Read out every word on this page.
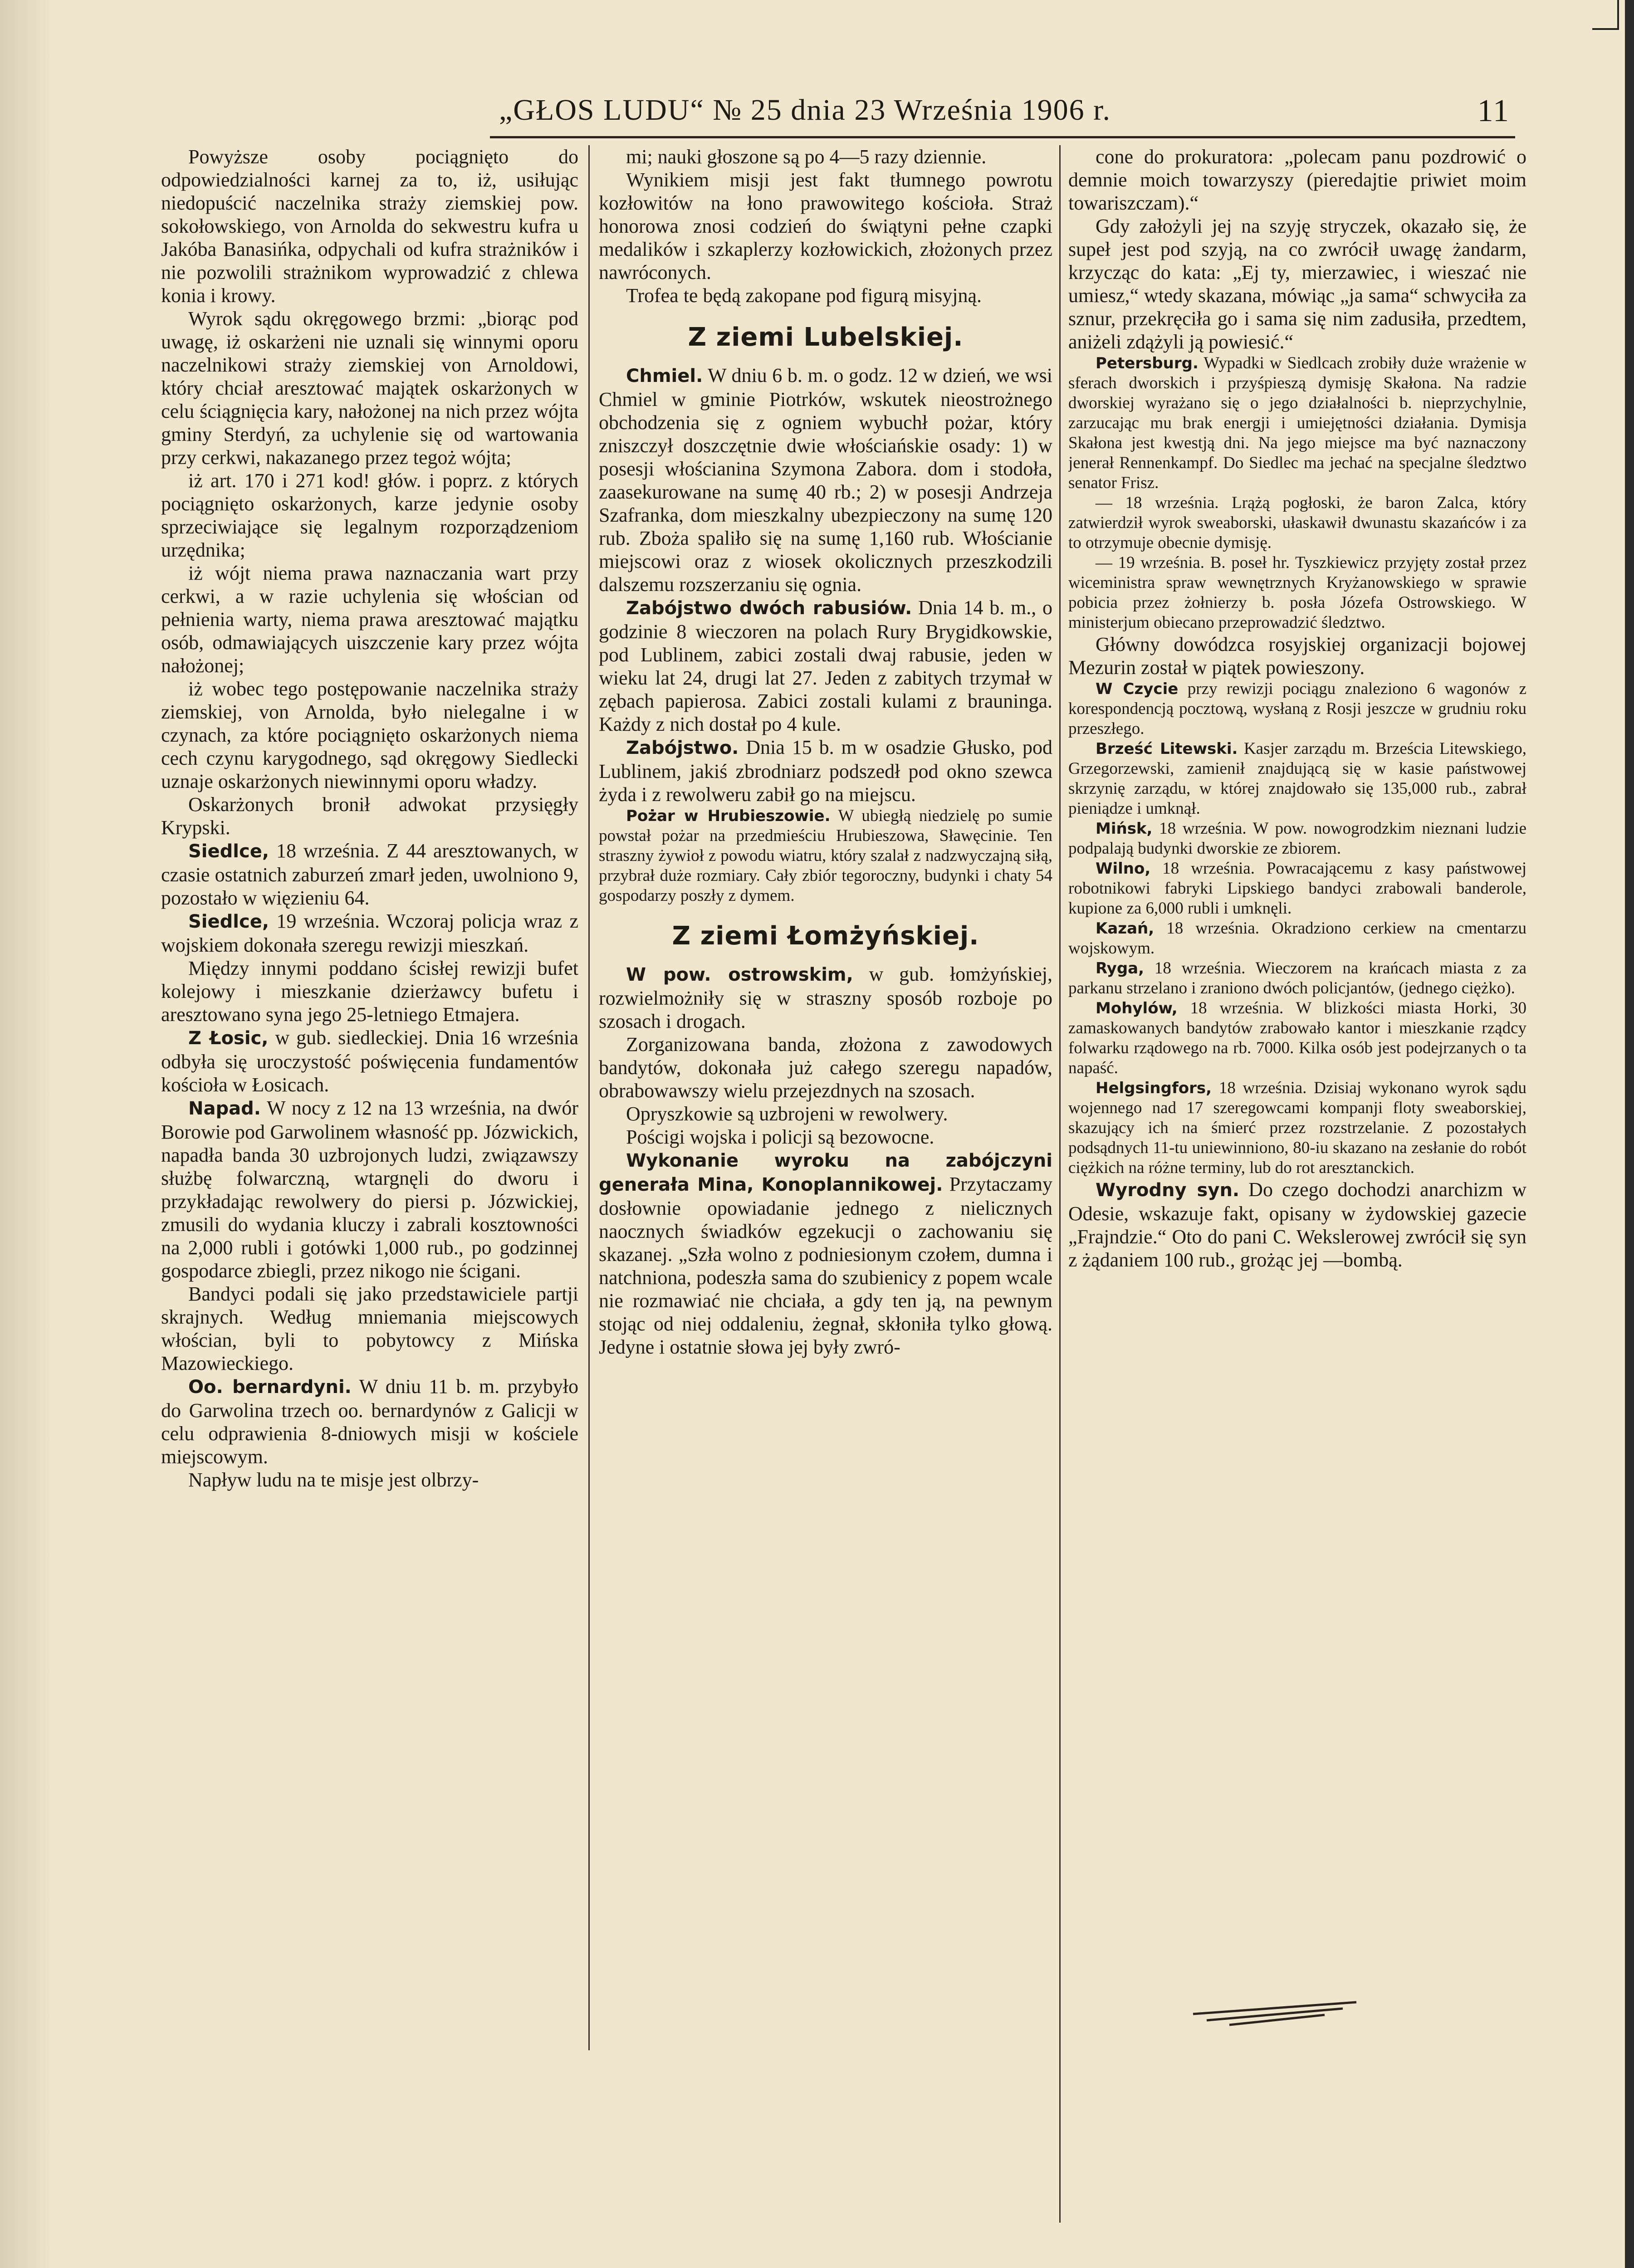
„GŁOS LUDU“ № 25 dnia 23 Września 1906 r.	11

Powyższe osoby pociągnięto do odpowiedzialności karnej za to, iż, usiłując niedopuścić naczelnika straży ziemskiej pow. sokołowskiego, von Arnolda do sekwestru kufra u Jakóba Banasińka, odpychali od kufra strażników i nie pozwolili strażnikom wyprowadzić z chlewa konia i krowy.

Wyrok sądu okręgowego brzmi: „biorąc pod uwagę, iż oskarżeni nie uznali się winnymi oporu naczelnikowi straży ziemskiej von Arnoldowi, który chciał aresztować majątek oskarżonych w celu ściągnięcia kary, nałożonej na nich przez wójta gminy Sterdyń, za uchylenie się od wartowania przy cerkwi, nakazanego przez tegoż wójta;

iż art. 170 i 271 kod! głów. i poprz. z których pociągnięto oskarżonych, karze jedynie osoby sprzeciwiające się legalnym rozporządzeniom urzędnika;

iż wójt niema prawa naznaczania wart przy cerkwi, a w razie uchylenia się włościan od pełnienia warty, niema prawa aresztować majątku osób, odmawiających uiszczenie kary przez wójta nałożonej;

iż wobec tego postępowanie naczelnika straży ziemskiej, von Arnolda, było nielegalne i w czynach, za które pociągnięto oskarżonych niema cech czynu karygodnego, sąd okręgowy Siedlecki uznaje oskarżonych niewinnymi oporu władzy.

Oskarżonych bronił adwokat przysięgły Krypski.

Siedlce, 18 września. Z 44 aresztowanych, w czasie ostatnich zaburzeń zmarł jeden, uwolniono 9, pozostało w więzieniu 64.

Siedlce, 19 września. Wczoraj policja wraz z wojskiem dokonała szeregu rewizji mieszkań.

Między innymi poddano ścisłej rewizji bufet kolejowy i mieszkanie dzierżawcy bufetu i aresztowano syna jego 25-letniego Etmajera.

Z Łosic, w gub. siedleckiej. Dnia 16 września odbyła się uroczystość poświęcenia fundamentów kościoła w Łosicach.

Napad. W nocy z 12 na 13 września, na dwór Borowie pod Garwolinem własność pp. Józwickich, napadła banda 30 uzbrojonych ludzi, związawszy służbę folwarczną, wtargnęli do dworu i przykładając rewolwery do piersi p. Józwickiej, zmusili do wydania kluczy i zabrali kosztowności na 2,000 rubli i gotówki 1,000 rub., po godzinnej gospodarce zbiegli, przez nikogo nie ścigani.

Bandyci podali się jako przedstawiciele partji skrajnych. Według mniemania miejscowych włościan, byli to pobytowcy z Mińska Mazowieckiego.

Oo. bernardyni. W dniu 11 b. m. przybyło do Garwolina trzech oo. bernardynów z Galicji w celu odprawienia 8-dniowych misji w kościele miejscowym.

Napływ ludu na te misje jest olbrzy-

mi; nauki głoszone są po 4—5 razy dziennie.

Wynikiem misji jest fakt tłumnego powrotu kozłowitów na łono prawowitego kościoła. Straż honorowa znosi codzień do świątyni pełne czapki medalików i szkaplerzy kozłowickich, złożonych przez nawróconych.

Trofea te będą zakopane pod figurą misyjną.

Z ziemi Lubelskiej.

Chmiel. W dniu 6 b. m. o godz. 12 w dzień, we wsi Chmiel w gminie Piotrków, wskutek nieostrożnego obchodzenia się z ogniem wybuchł pożar, który zniszczył doszczętnie dwie włościańskie osady: 1) w posesji włościanina Szymona Zabora. dom i stodoła, zaasekurowane na sumę 40 rb.; 2) w posesji Andrzeja Szafranka, dom mieszkalny ubezpieczony na sumę 120 rub. Zboża spaliło się na sumę 1,160 rub. Włościanie miejscowi oraz z wiosek okolicznych przeszkodzili dalszemu rozszerzaniu się ognia.

Zabójstwo dwóch rabusiów. Dnia 14 b. m., o godzinie 8 wieczoren na polach Rury Brygidkowskie, pod Lublinem, zabici zostali dwaj rabusie, jeden w wieku lat 24, drugi lat 27. Jeden z zabitych trzymał w zębach papierosa. Zabici zostali kulami z brauninga. Każdy z nich dostał po 4 kule.

Zabójstwo. Dnia 15 b. m w osadzie Głusko, pod Lublinem, jakiś zbrodniarz podszedł pod okno szewca żyda i z rewolweru zabił go na miejscu.

Pożar w Hrubieszowie. W ubiegłą niedzielę po sumie powstał pożar na przedmieściu Hrubieszowa, Sławęcinie. Ten straszny żywioł z powodu wiatru, który szalał z nadzwyczajną siłą, przybrał duże rozmiary. Cały zbiór tegoroczny, budynki i chaty 54 gospodarzy poszły z dymem.

Z ziemi Łomżyńskiej.

W pow. ostrowskim, w gub. łomżyńskiej, rozwielmożniły się w straszny sposób rozboje po szosach i drogach.

Zorganizowana banda, złożona z zawodowych bandytów, dokonała już całego szeregu napadów, obrabowawszy wielu przejezdnych na szosach.

Opryszkowie są uzbrojeni w rewolwery.

Pościgi wojska i policji są bezowocne.

Wykonanie wyroku na zabójczyni generała Mina, Konoplannikowej. Przytaczamy dosłownie opowiadanie jednego z nielicznych naocznych świadków egzekucji o zachowaniu się skazanej. „Szła wolno z podniesionym czołem, dumna i natchniona, podeszła sama do szubienicy z popem wcale nie rozmawiać nie chciała, a gdy ten ją, na pewnym stojąc od niej oddaleniu, żegnał, skłoniła tylko głową. Jedyne i ostatnie słowa jej były zwró-

cone do prokuratora: „polecam panu pozdrowić o demnie moich towarzyszy (pieredajtie priwiet moim towariszczam).“

Gdy założyli jej na szyję stryczek, okazało się, że supeł jest pod szyją, na co zwrócił uwagę żandarm, krzycząc do kata: „Ej ty, mierzawiec, i wieszać nie umiesz,“ wtedy skazana, mówiąc „ja sama“ schwyciła za sznur, przekręciła go i sama się nim zadusiła, przedtem, aniżeli zdążyli ją powiesić.“

Petersburg. Wypadki w Siedlcach zrobiły duże wrażenie w sferach dworskich i przyśpieszą dymisję Skałona. Na radzie dworskiej wyrażano się o jego działalności b. nieprzychylnie, zarzucając mu brak energji i umiejętności działania. Dymisja Skałona jest kwestją dni. Na jego miejsce ma być naznaczony jenerał Rennenkampf. Do Siedlec ma jechać na specjalne śledztwo senator Frisz.

— 18 września. Lrążą pogłoski, że baron Zalca, który zatwierdził wyrok sweaborski, ułaskawił dwunastu skazańców i za to otrzymuje obecnie dymisję.

— 19 września. B. poseł hr. Tyszkiewicz przyjęty został przez wiceministra spraw wewnętrznych Kryżanowskiego w sprawie pobicia przez żołnierzy b. posła Józefa Ostrowskiego. W ministerjum obiecano przeprowadzić śledztwo.

Główny dowódzca rosyjskiej organizacji bojowej Mezurin został w piątek powieszony.

W Czycie przy rewizji pociągu znaleziono 6 wagonów z korespondencją pocztową, wysłaną z Rosji jeszcze w grudniu roku przeszłego.

Brześć Litewski. Kasjer zarządu m. Brześcia Litewskiego, Grzegorzewski, zamienił znajdującą się w kasie państwowej skrzynię zarządu, w której znajdowało się 135,000 rub., zabrał pieniądze i umknął.

Mińsk, 18 września. W pow. nowogrodzkim nieznani ludzie podpalają budynki dworskie ze zbiorem.

Wilno, 18 września. Powracającemu z kasy państwowej robotnikowi fabryki Lipskiego bandyci zrabowali banderole, kupione za 6,000 rubli i umknęli.

Kazań, 18 września. Okradziono cerkiew na cmentarzu wojskowym.

Ryga, 18 września. Wieczorem na krańcach miasta z za parkanu strzelano i zraniono dwóch policjantów, (jednego ciężko).

Mohylów, 18 września. W blizkości miasta Horki, 30 zamaskowanych bandytów zrabowało kantor i mieszkanie rządcy folwarku rządowego na rb. 7000. Kilka osób jest podejrzanych o ta napaść.

Helgsingfors, 18 września. Dzisiaj wykonano wyrok sądu wojennego nad 17 szeregowcami kompanji floty sweaborskiej, skazujący ich na śmierć przez rozstrzelanie. Z pozostałych podsądnych 11-tu uniewinniono, 80-iu skazano na zesłanie do robót ciężkich na różne terminy, lub do rot aresztanckich.

Wyrodny syn. Do czego dochodzi anarchizm w Odesie, wskazuje fakt, opisany w żydowskiej gazecie „Frajndzie.“ Oto do pani C. Wekslerowej zwrócił się syn z żądaniem 100 rub., grożąc jej —bombą.
